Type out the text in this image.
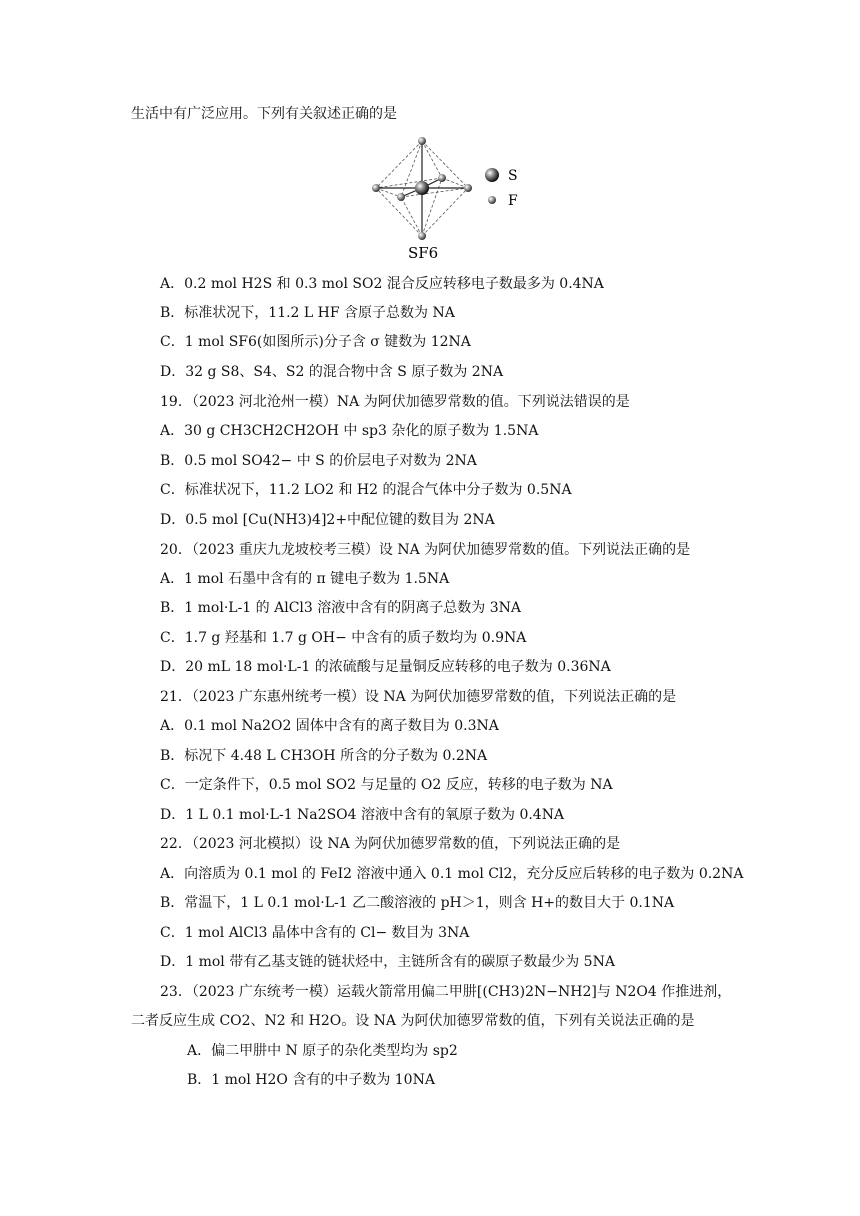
生活中有广泛应用。下列有关叙述正确的是
S
F
SF6
A．0.2 mol H2S 和 0.3 mol SO2 混合反应转移电子数最多为 0.4NA
B．标准状况下，11.2 L HF 含原子总数为 NA
C．1 mol SF6(如图所示)分子含 σ 键数为 12NA
D．32 g S8、S4、S2 的混合物中含 S 原子数为 2NA
19．（2023 河北沧州一模）NA 为阿伏加德罗常数的值。下列说法错误的是
A．30 g CH3CH2CH2OH 中 sp3 杂化的原子数为 1.5NA
B．0.5 mol SO42− 中 S 的价层电子对数为 2NA
C．标准状况下，11.2 LO2 和 H2 的混合气体中分子数为 0.5NA
D．0.5 mol [Cu(NH3)4]2+中配位键的数目为 2NA
20．（2023 重庆九龙坡校考三模）设 NA 为阿伏加德罗常数的值。下列说法正确的是
A．1 mol 石墨中含有的 π 键电子数为 1.5NA
B．1 mol·L-1 的 AlCl3 溶液中含有的阴离子总数为 3NA
C．1.7 g 羟基和 1.7 g OH− 中含有的质子数均为 0.9NA
D．20 mL 18 mol·L-1 的浓硫酸与足量铜反应转移的电子数为 0.36NA
21．（2023 广东惠州统考一模）设 NA 为阿伏加德罗常数的值，下列说法正确的是
A．0.1 mol Na2O2 固体中含有的离子数目为 0.3NA
B．标况下 4.48 L CH3OH 所含的分子数为 0.2NA
C．一定条件下，0.5 mol SO2 与足量的 O2 反应，转移的电子数为 NA
D．1 L 0.1 mol·L-1 Na2SO4 溶液中含有的氧原子数为 0.4NA
22．（2023 河北模拟）设 NA 为阿伏加德罗常数的值，下列说法正确的是
A．向溶质为 0.1 mol 的 FeI2 溶液中通入 0.1 mol Cl2，充分反应后转移的电子数为 0.2NA
B．常温下，1 L 0.1 mol·L-1 乙二酸溶液的 pH＞1，则含 H+的数目大于 0.1NA
C．1 mol AlCl3 晶体中含有的 Cl− 数目为 3NA
D．1 mol 带有乙基支链的链状烃中，主链所含有的碳原子数最少为 5NA
23．（2023 广东统考一模）运载火箭常用偏二甲肼[(CH3)2N−NH2]与 N2O4 作推进剂，
二者反应生成 CO2、N2 和 H2O。设 NA 为阿伏加德罗常数的值，下列有关说法正确的是
A．偏二甲肼中 N 原子的杂化类型均为 sp2
B．1 mol H2O 含有的中子数为 10NA
